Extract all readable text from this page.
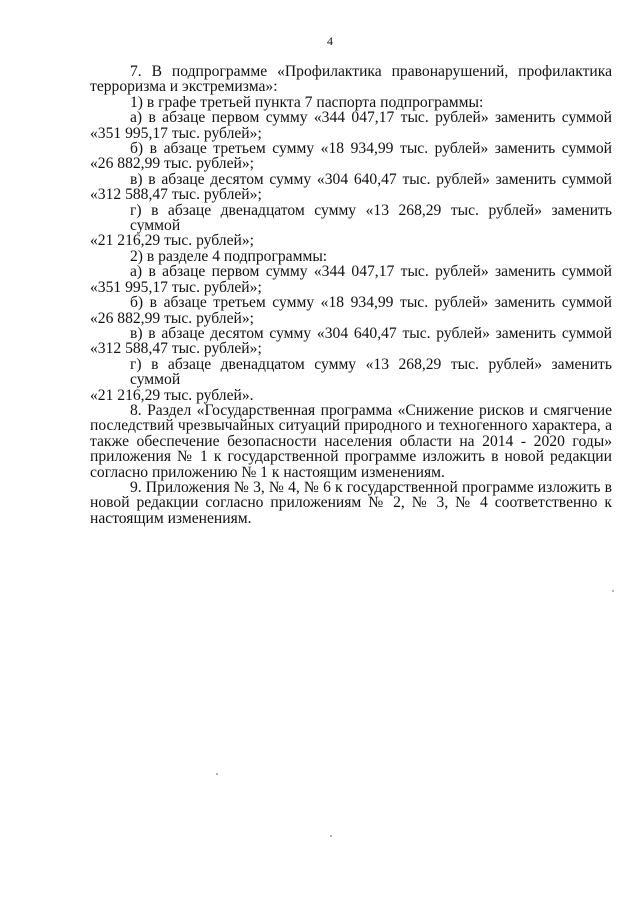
4
7. В подпрограмме «Профилактика правонарушений, профилактика
терроризма и экстремизма»:
1) в графе третьей пункта 7 паспорта подпрограммы:
а) в абзаце первом сумму «344 047,17 тыс. рублей» заменить суммой
«351 995,17 тыс. рублей»;
б) в абзаце третьем сумму «18 934,99 тыс. рублей» заменить суммой
«26 882,99 тыс. рублей»;
в) в абзаце десятом сумму «304 640,47 тыс. рублей» заменить суммой
«312 588,47 тыс. рублей»;
г) в абзаце двенадцатом сумму «13 268,29 тыс. рублей» заменить суммой
«21 216,29 тыс. рублей»;
2) в разделе 4 подпрограммы:
а) в абзаце первом сумму «344 047,17 тыс. рублей» заменить суммой
«351 995,17 тыс. рублей»;
б) в абзаце третьем сумму «18 934,99 тыс. рублей» заменить суммой
«26 882,99 тыс. рублей»;
в) в абзаце десятом сумму «304 640,47 тыс. рублей» заменить суммой
«312 588,47 тыс. рублей»;
г) в абзаце двенадцатом сумму «13 268,29 тыс. рублей» заменить суммой
«21 216,29 тыс. рублей».
8. Раздел «Государственная программа «Снижение рисков и смягчение
последствий чрезвычайных ситуаций природного и техногенного характера, а
также обеспечение безопасности населения области на 2014 - 2020 годы»
приложения № 1 к государственной программе изложить в новой редакции
согласно приложению № 1 к настоящим изменениям.
9. Приложения № 3, № 4, № 6 к государственной программе изложить в
новой редакции согласно приложениям № 2, № 3, № 4 соответственно к
настоящим изменениям.
